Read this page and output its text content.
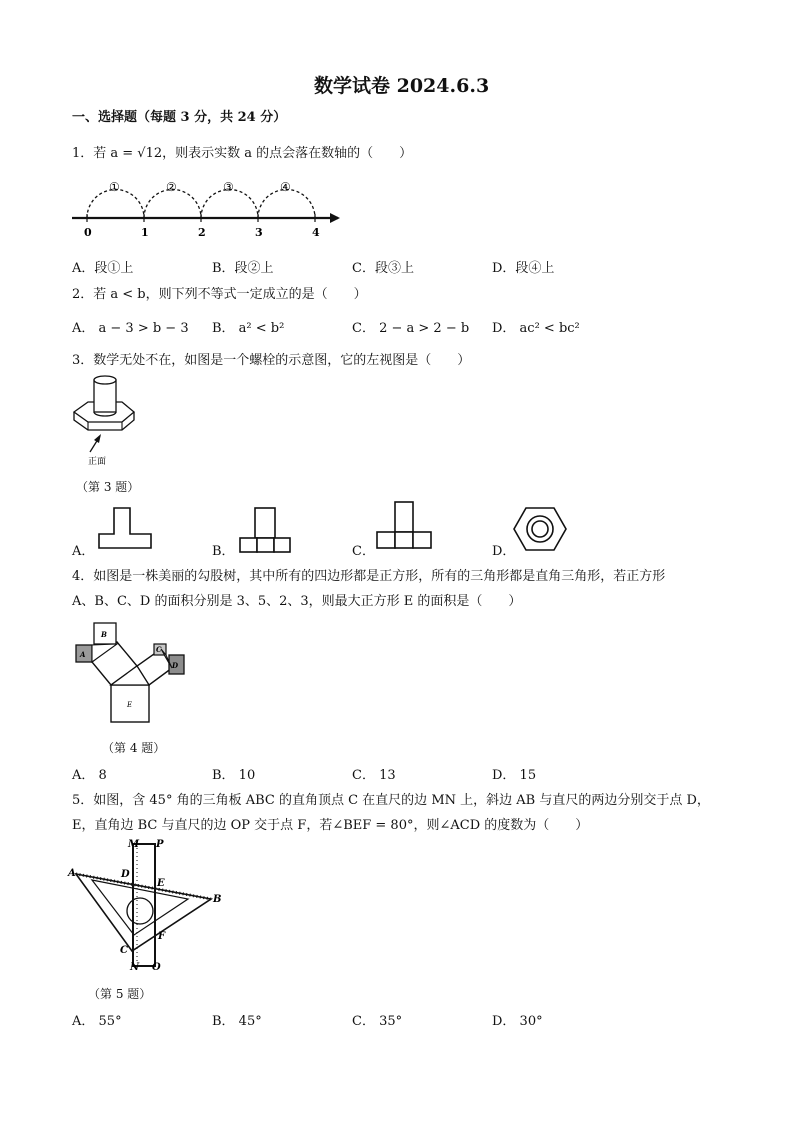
数学试卷 2024.6.3
一、选择题（每题 3 分，共 24 分）
1．若 a = √12，则表示实数 a 的点会落在数轴的（　　）
0	1	2	3	4
①	②	③	④
A．段①上	B．段②上	C．段③上	D．段④上
2．若 a < b，则下列不等式一定成立的是（　　）
A． a − 3 > b − 3 B． a² < b²	C． 2 − a > 2 − b D． ac² < bc²
3．数学无处不在，如图是一个螺栓的示意图，它的左视图是（　　）
正面
（第 3 题）
A．	B．	C．	D．
4．如图是一株美丽的勾股树，其中所有的四边形都是正方形，所有的三角形都是直角三角形，若正方形
A、B、C、D 的面积分别是 3、5、2、3，则最大正方形 E 的面积是（　　）
E
B
A
C
D
（第 4 题）
A． 8	B． 10	C． 13	D． 15
5．如图，含 45° 角的三角板 ABC 的直角顶点 C 在直尺的边 MN 上，斜边 AB 与直尺的两边分别交于点 D，
E，直角边 BC 与直尺的边 OP 交于点 F，若∠BEF = 80°，则∠ACD 的度数为（　　）
M P
A	D
E
B
F
C
N O
（第 5 题）
A． 55°	B． 45°	C． 35°	D． 30°
